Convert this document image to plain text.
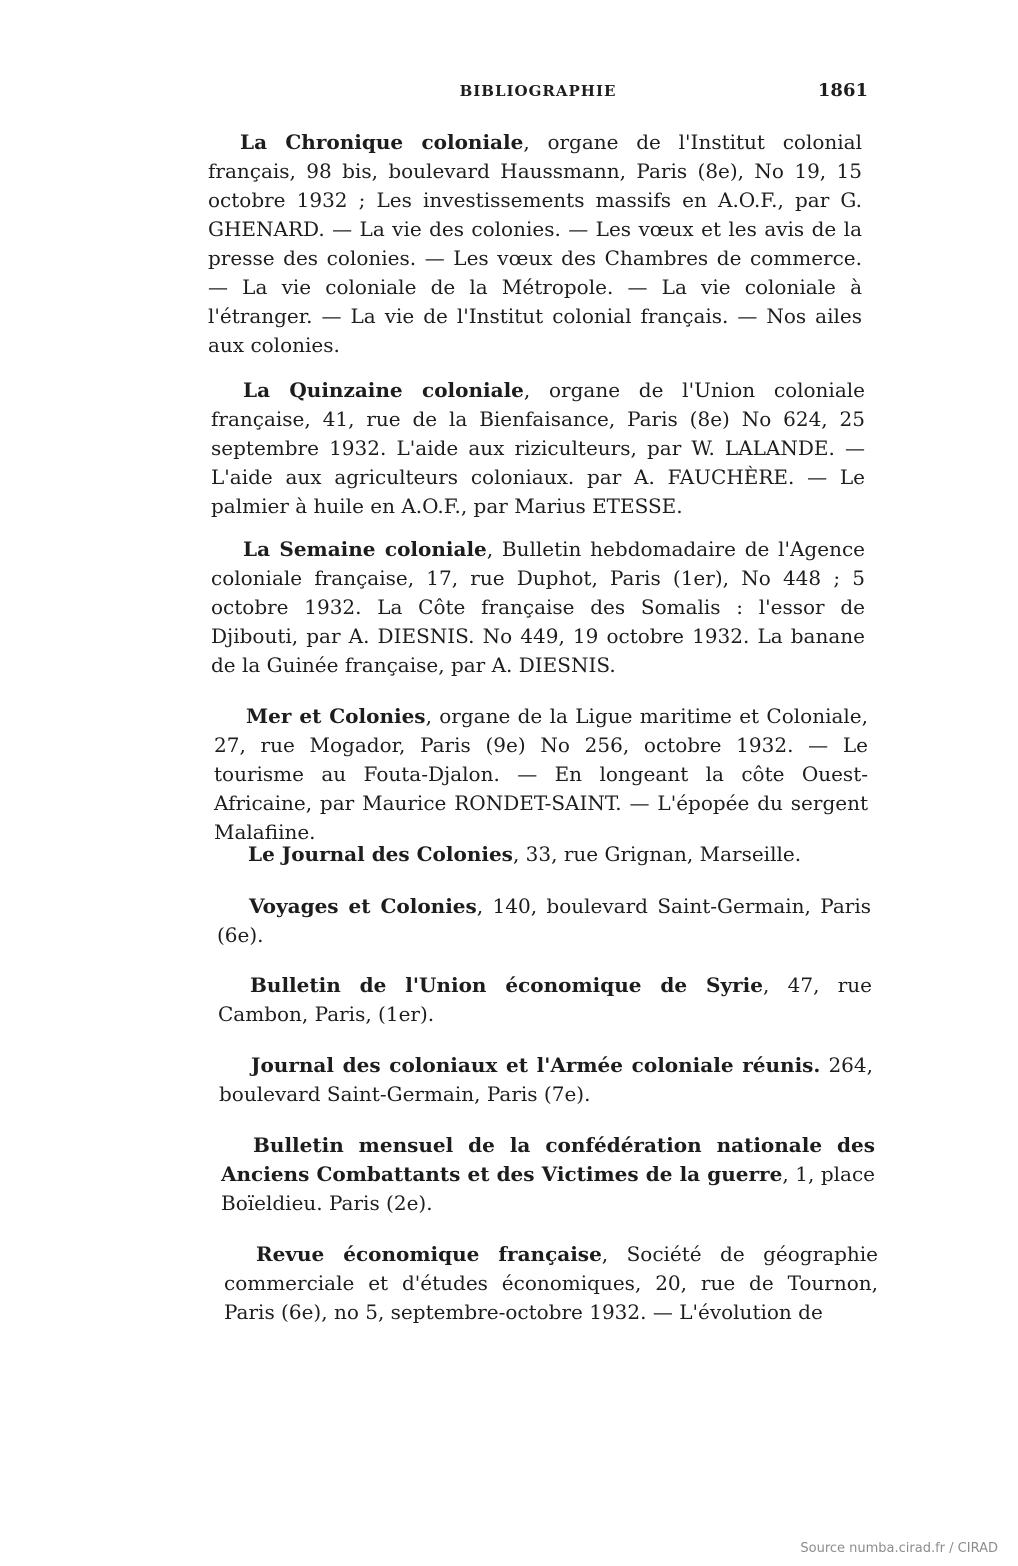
BIBLIOGRAPHIE	1861

La Chronique coloniale, organe de l'Institut colonial français, 98 bis, boulevard Haussmann, Paris (8e), No 19, 15 octobre 1932 ; Les investissements massifs en A.O.F., par G. GHENARD. — La vie des colonies. — Les vœux et les avis de la presse des colonies. — Les vœux des Chambres de commerce. — La vie coloniale de la Métropole. — La vie coloniale à l'étranger. — La vie de l'Institut colonial français. — Nos ailes aux colonies.

La Quinzaine coloniale, organe de l'Union coloniale française, 41, rue de la Bienfaisance, Paris (8e) No 624, 25 septembre 1932. L'aide aux riziculteurs, par W. LALANDE. — L'aide aux agriculteurs coloniaux. par A. FAUCHÈRE. — Le palmier à huile en A.O.F., par Marius ETESSE.

La Semaine coloniale, Bulletin hebdomadaire de l'Agence coloniale française, 17, rue Duphot, Paris (1er), No 448 ; 5 octobre 1932. La Côte française des Somalis : l'essor de Djibouti, par A. DIESNIS. No 449, 19 octobre 1932. La banane de la Guinée française, par A. DIESNIS.

Mer et Colonies, organe de la Ligue maritime et Coloniale, 27, rue Mogador, Paris (9e) No 256, octobre 1932. — Le tourisme au Fouta-Djalon. — En longeant la côte Ouest-Africaine, par Maurice RONDET-SAINT. — L'épopée du sergent Malafiine.

Le Journal des Colonies, 33, rue Grignan, Marseille.

Voyages et Colonies, 140, boulevard Saint-Germain, Paris (6e).

Bulletin de l'Union économique de Syrie, 47, rue Cambon, Paris, (1er).

Journal des coloniaux et l'Armée coloniale réunis. 264, boulevard Saint-Germain, Paris (7e).

Bulletin mensuel de la confédération nationale des Anciens Combattants et des Victimes de la guerre, 1, place Boïeldieu. Paris (2e).

Revue économique française, Société de géographie commerciale et d'études économiques, 20, rue de Tournon, Paris (6e), no 5, septembre-octobre 1932. — L'évolution de

Source numba.cirad.fr / CIRAD
